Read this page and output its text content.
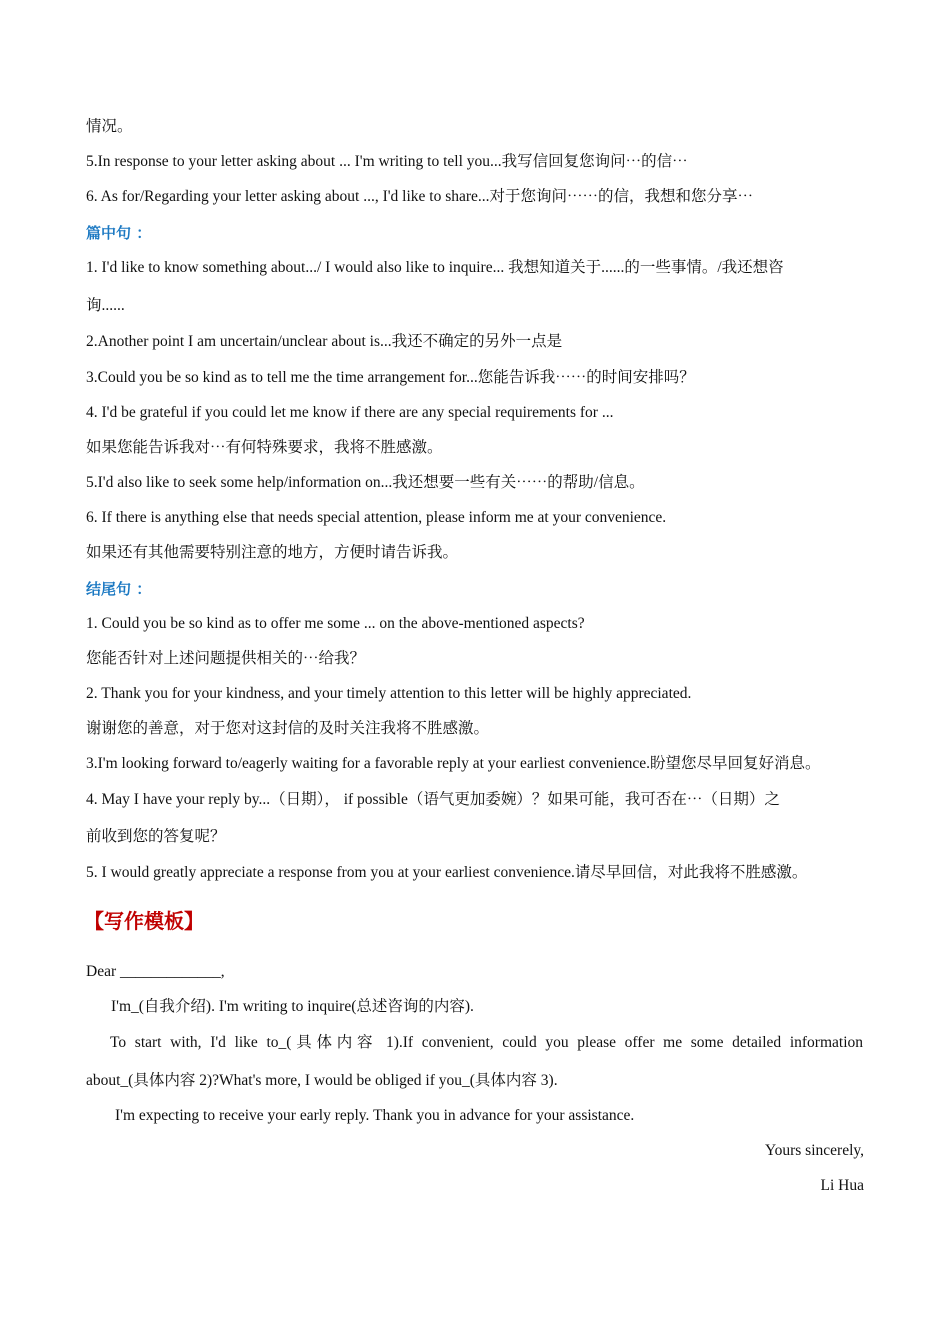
情况。
5.In response to your letter asking about ... I'm writing to tell you...我写信回复您询问⋯的信⋯
6. As for/Regarding your letter asking about ..., I'd like to share...对于您询问⋯⋯的信，我想和您分享⋯
篇中句 ：
1. I'd like to know something about.../ I would also like to inquire... 我想知道关于......的一些事情。/我还想咨
询......
2.Another point I am uncertain/unclear about is...我还不确定的另外一点是
3.Could you be so kind as to tell me the time arrangement for...您能告诉我⋯⋯的时间安排吗？
4. I'd be grateful if you could let me know if there are any special requirements for ...
如果您能告诉我对⋯有何特殊要求，我将不胜感激。
5.I'd also like to seek some help/information on...我还想要一些有关⋯⋯的帮助/信息。
6. If there is anything else that needs special attention, please inform me at your convenience.
如果还有其他需要特别注意的地方，方便时请告诉我。
结尾句 ：
1. Could you be so kind as to offer me some ... on the above-mentioned aspects?
您能否针对上述问题提供相关的⋯给我？
2. Thank you for your kindness, and your timely attention to this letter will be highly appreciated.
谢谢您的善意，对于您对这封信的及时关注我将不胜感激。
3.I'm looking forward to/eagerly waiting for a favorable reply at your earliest convenience.盼望您尽早回复好消息。
4. May I have your reply by...（日期）， if possible（语气更加委婉）？如果可能，我可否在⋯（日期）之
前收到您的答复呢？
5. I would greatly appreciate a response from you at your earliest convenience.请尽早回信，对此我将不胜感激。
【写作模板】
Dear _____________,
I'm_(自我介绍). I'm writing to inquire(总述咨询的内容).
To start with, I'd like to_(具体内容 1).If convenient, could you please offer me some detailed information
about_(具体内容 2)?What's more, I would be obliged if you_(具体内容 3).
I'm expecting to receive your early reply. Thank you in advance for your assistance.
Yours sincerely,
Li Hua
